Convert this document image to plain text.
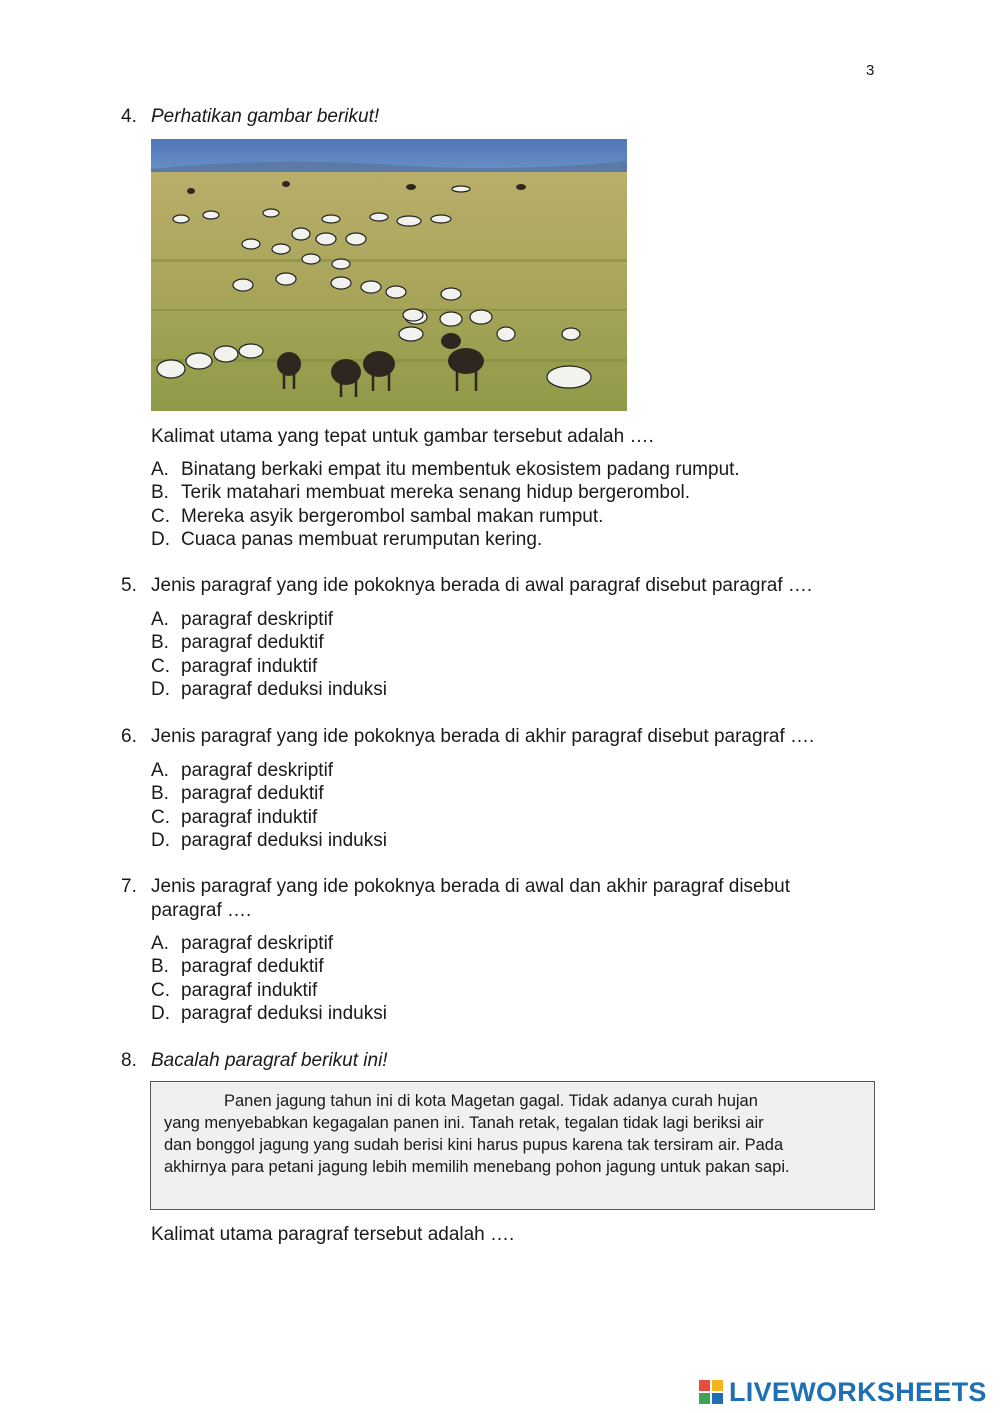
3
4. Perhatikan gambar berikut!
Kalimat utama yang tepat untuk gambar tersebut adalah ….
A. Binatang berkaki empat itu membentuk ekosistem padang rumput.
B. Terik matahari membuat mereka senang hidup bergerombol.
C. Mereka asyik bergerombol sambal makan rumput.
D. Cuaca panas membuat rerumputan kering.
5. Jenis paragraf yang ide pokoknya berada di awal paragraf disebut paragraf ….
A. paragraf deskriptif
B. paragraf deduktif
C. paragraf induktif
D. paragraf deduksi induksi
6. Jenis paragraf yang ide pokoknya berada di akhir paragraf disebut paragraf ….
A. paragraf deskriptif
B. paragraf deduktif
C. paragraf induktif
D. paragraf deduksi induksi
7. Jenis paragraf yang ide pokoknya berada di awal dan akhir paragraf disebut
paragraf ….
A. paragraf deskriptif
B. paragraf deduktif
C. paragraf induktif
D. paragraf deduksi induksi
8. Bacalah paragraf berikut ini!
Panen jagung tahun ini di kota Magetan gagal. Tidak adanya curah hujan
yang menyebabkan kegagalan panen ini. Tanah retak, tegalan tidak lagi beriksi air
dan bonggol jagung yang sudah berisi kini harus pupus karena tak tersiram air. Pada
akhirnya para petani jagung lebih memilih menebang pohon jagung untuk pakan sapi.
Kalimat utama paragraf tersebut adalah ….
LIVEWORKSHEETS
